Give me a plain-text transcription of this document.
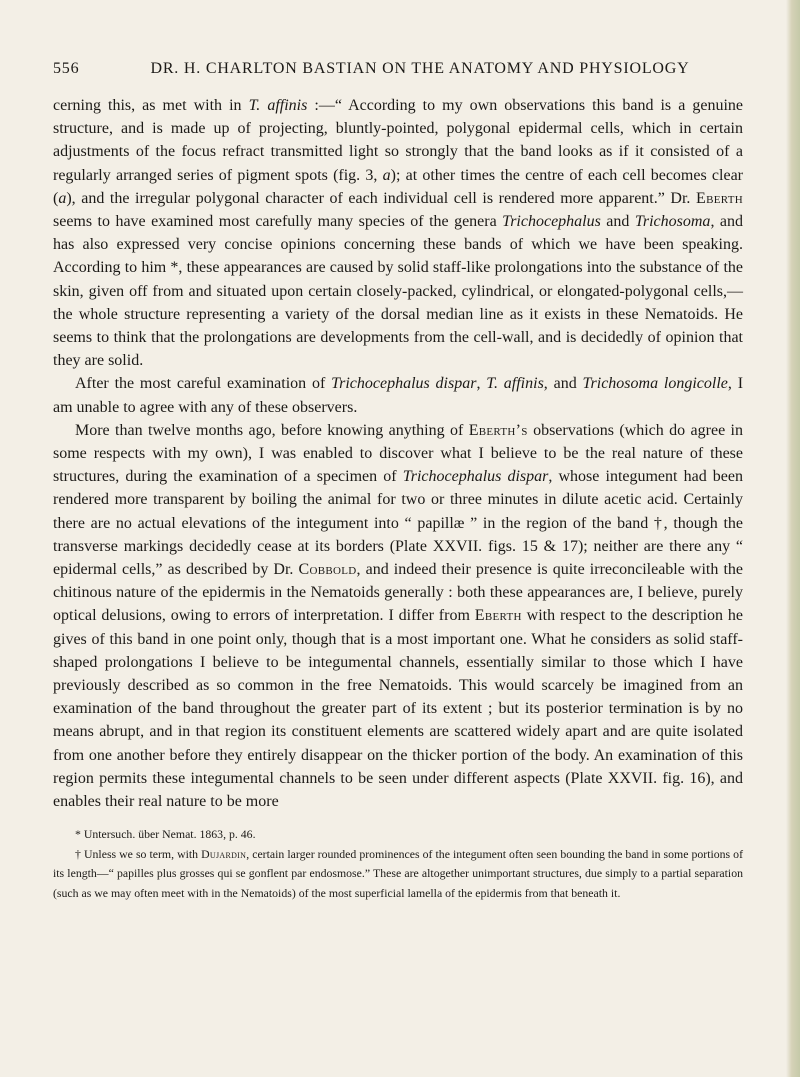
556	DR. H. CHARLTON BASTIAN ON THE ANATOMY AND PHYSIOLOGY

cerning this, as met with in T. affinis :—“ According to my own observations this band is a genuine structure, and is made up of projecting, bluntly-pointed, polygonal epidermal cells, which in certain adjustments of the focus refract transmitted light so strongly that the band looks as if it consisted of a regularly arranged series of pigment spots (fig. 3, a); at other times the centre of each cell becomes clear (a), and the irregular polygonal character of each individual cell is rendered more apparent.” Dr. Eberth seems to have examined most carefully many species of the genera Trichocephalus and Trichosoma, and has also expressed very concise opinions concerning these bands of which we have been speaking. According to him *, these appearances are caused by solid staff-like prolongations into the substance of the skin, given off from and situated upon certain closely-packed, cylindrical, or elongated-polygonal cells,—the whole structure representing a variety of the dorsal median line as it exists in these Nematoids. He seems to think that the prolongations are developments from the cell-wall, and is decidedly of opinion that they are solid.

After the most careful examination of Trichocephalus dispar, T. affinis, and Trichosoma longicolle, I am unable to agree with any of these observers.

More than twelve months ago, before knowing anything of Eberth’s observations (which do agree in some respects with my own), I was enabled to discover what I believe to be the real nature of these structures, during the examination of a specimen of Trichocephalus dispar, whose integument had been rendered more transparent by boiling the animal for two or three minutes in dilute acetic acid. Certainly there are no actual elevations of the integument into “ papillæ ” in the region of the band †, though the transverse markings decidedly cease at its borders (Plate XXVII. figs. 15 & 17); neither are there any “ epidermal cells,” as described by Dr. Cobbold, and indeed their presence is quite irreconcileable with the chitinous nature of the epidermis in the Nematoids generally : both these appearances are, I believe, purely optical delusions, owing to errors of interpretation. I differ from Eberth with respect to the description he gives of this band in one point only, though that is a most important one. What he considers as solid staff-shaped prolongations I believe to be integumental channels, essentially similar to those which I have previously described as so common in the free Nematoids. This would scarcely be imagined from an examination of the band throughout the greater part of its extent ; but its posterior termination is by no means abrupt, and in that region its constituent elements are scattered widely apart and are quite isolated from one another before they entirely disappear on the thicker portion of the body. An examination of this region permits these integumental channels to be seen under different aspects (Plate XXVII. fig. 16), and enables their real nature to be more

* Untersuch. über Nemat. 1863, p. 46.

† Unless we so term, with Dujardin, certain larger rounded prominences of the integument often seen bounding the band in some portions of its length—“ papilles plus grosses qui se gonflent par endosmose.” These are altogether unimportant structures, due simply to a partial separation (such as we may often meet with in the Nematoids) of the most superficial lamella of the epidermis from that beneath it.
